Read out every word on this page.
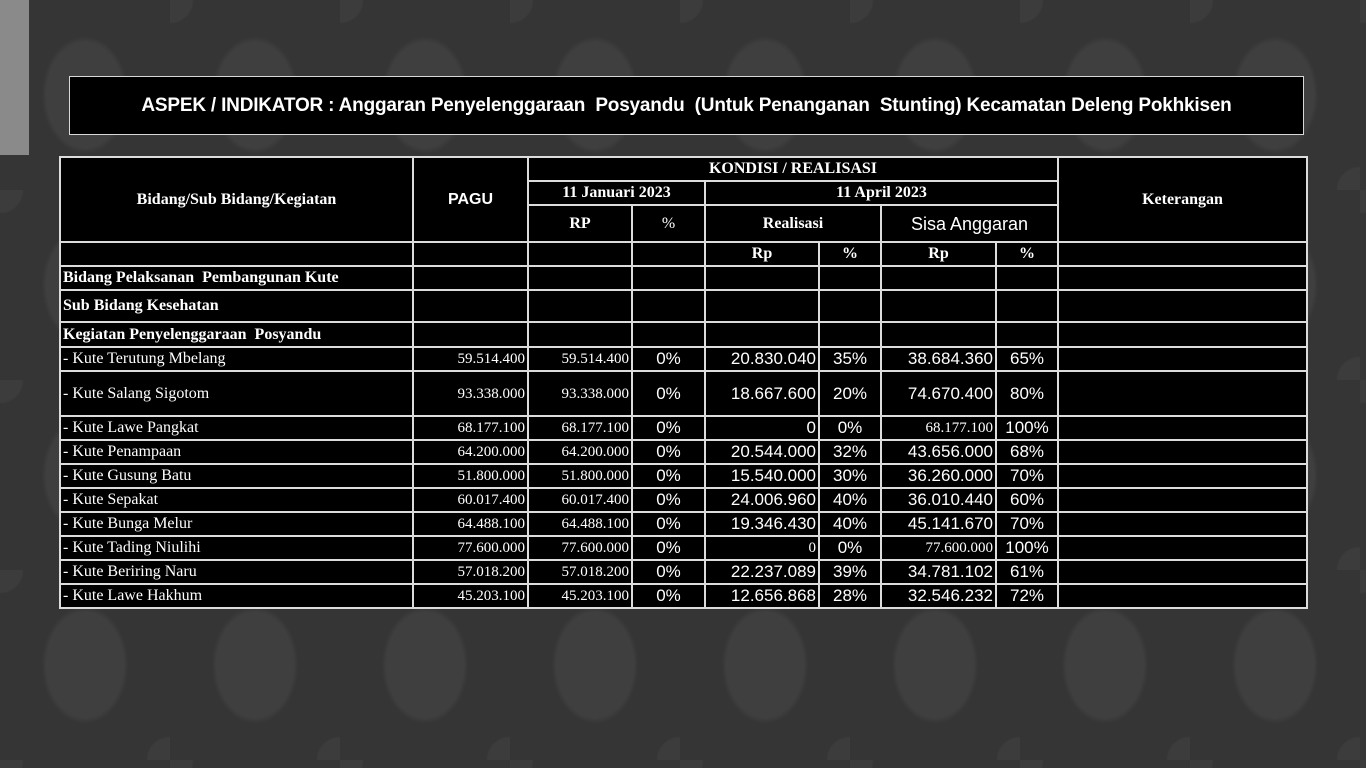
ASPEK / INDIKATOR : Anggaran Penyelenggaraan  Posyandu  (Untuk Penanganan  Stunting) Kecamatan Deleng Pokhkisen
Bidang/Sub Bidang/Kegiatan	PAGU	KONDISI / REALISASI						Keterangan
		11 Januari 2023		11 April 2023				
		RP	%	Realisasi		Sisa Anggaran		
				Rp	%	Rp	%	
Bidang Pelaksanan  Pembangunan Kute								
Sub Bidang Kesehatan								
Kegiatan Penyelenggaraan  Posyandu								
- Kute Terutung Mbelang	59.514.400	59.514.400	0%	20.830.040	35%	38.684.360	65%	
- Kute Salang Sigotom	93.338.000	93.338.000	0%	18.667.600	20%	74.670.400	80%	
- Kute Lawe Pangkat	68.177.100	68.177.100	0%	0	0%	68.177.100	100%	
- Kute Penampaan	64.200.000	64.200.000	0%	20.544.000	32%	43.656.000	68%	
- Kute Gusung Batu	51.800.000	51.800.000	0%	15.540.000	30%	36.260.000	70%	
- Kute Sepakat	60.017.400	60.017.400	0%	24.006.960	40%	36.010.440	60%	
- Kute Bunga Melur	64.488.100	64.488.100	0%	19.346.430	40%	45.141.670	70%	
- Kute Tading Niulihi	77.600.000	77.600.000	0%	0	0%	77.600.000	100%	
- Kute Beriring Naru	57.018.200	57.018.200	0%	22.237.089	39%	34.781.102	61%	
- Kute Lawe Hakhum	45.203.100	45.203.100	0%	12.656.868	28%	32.546.232	72%	
